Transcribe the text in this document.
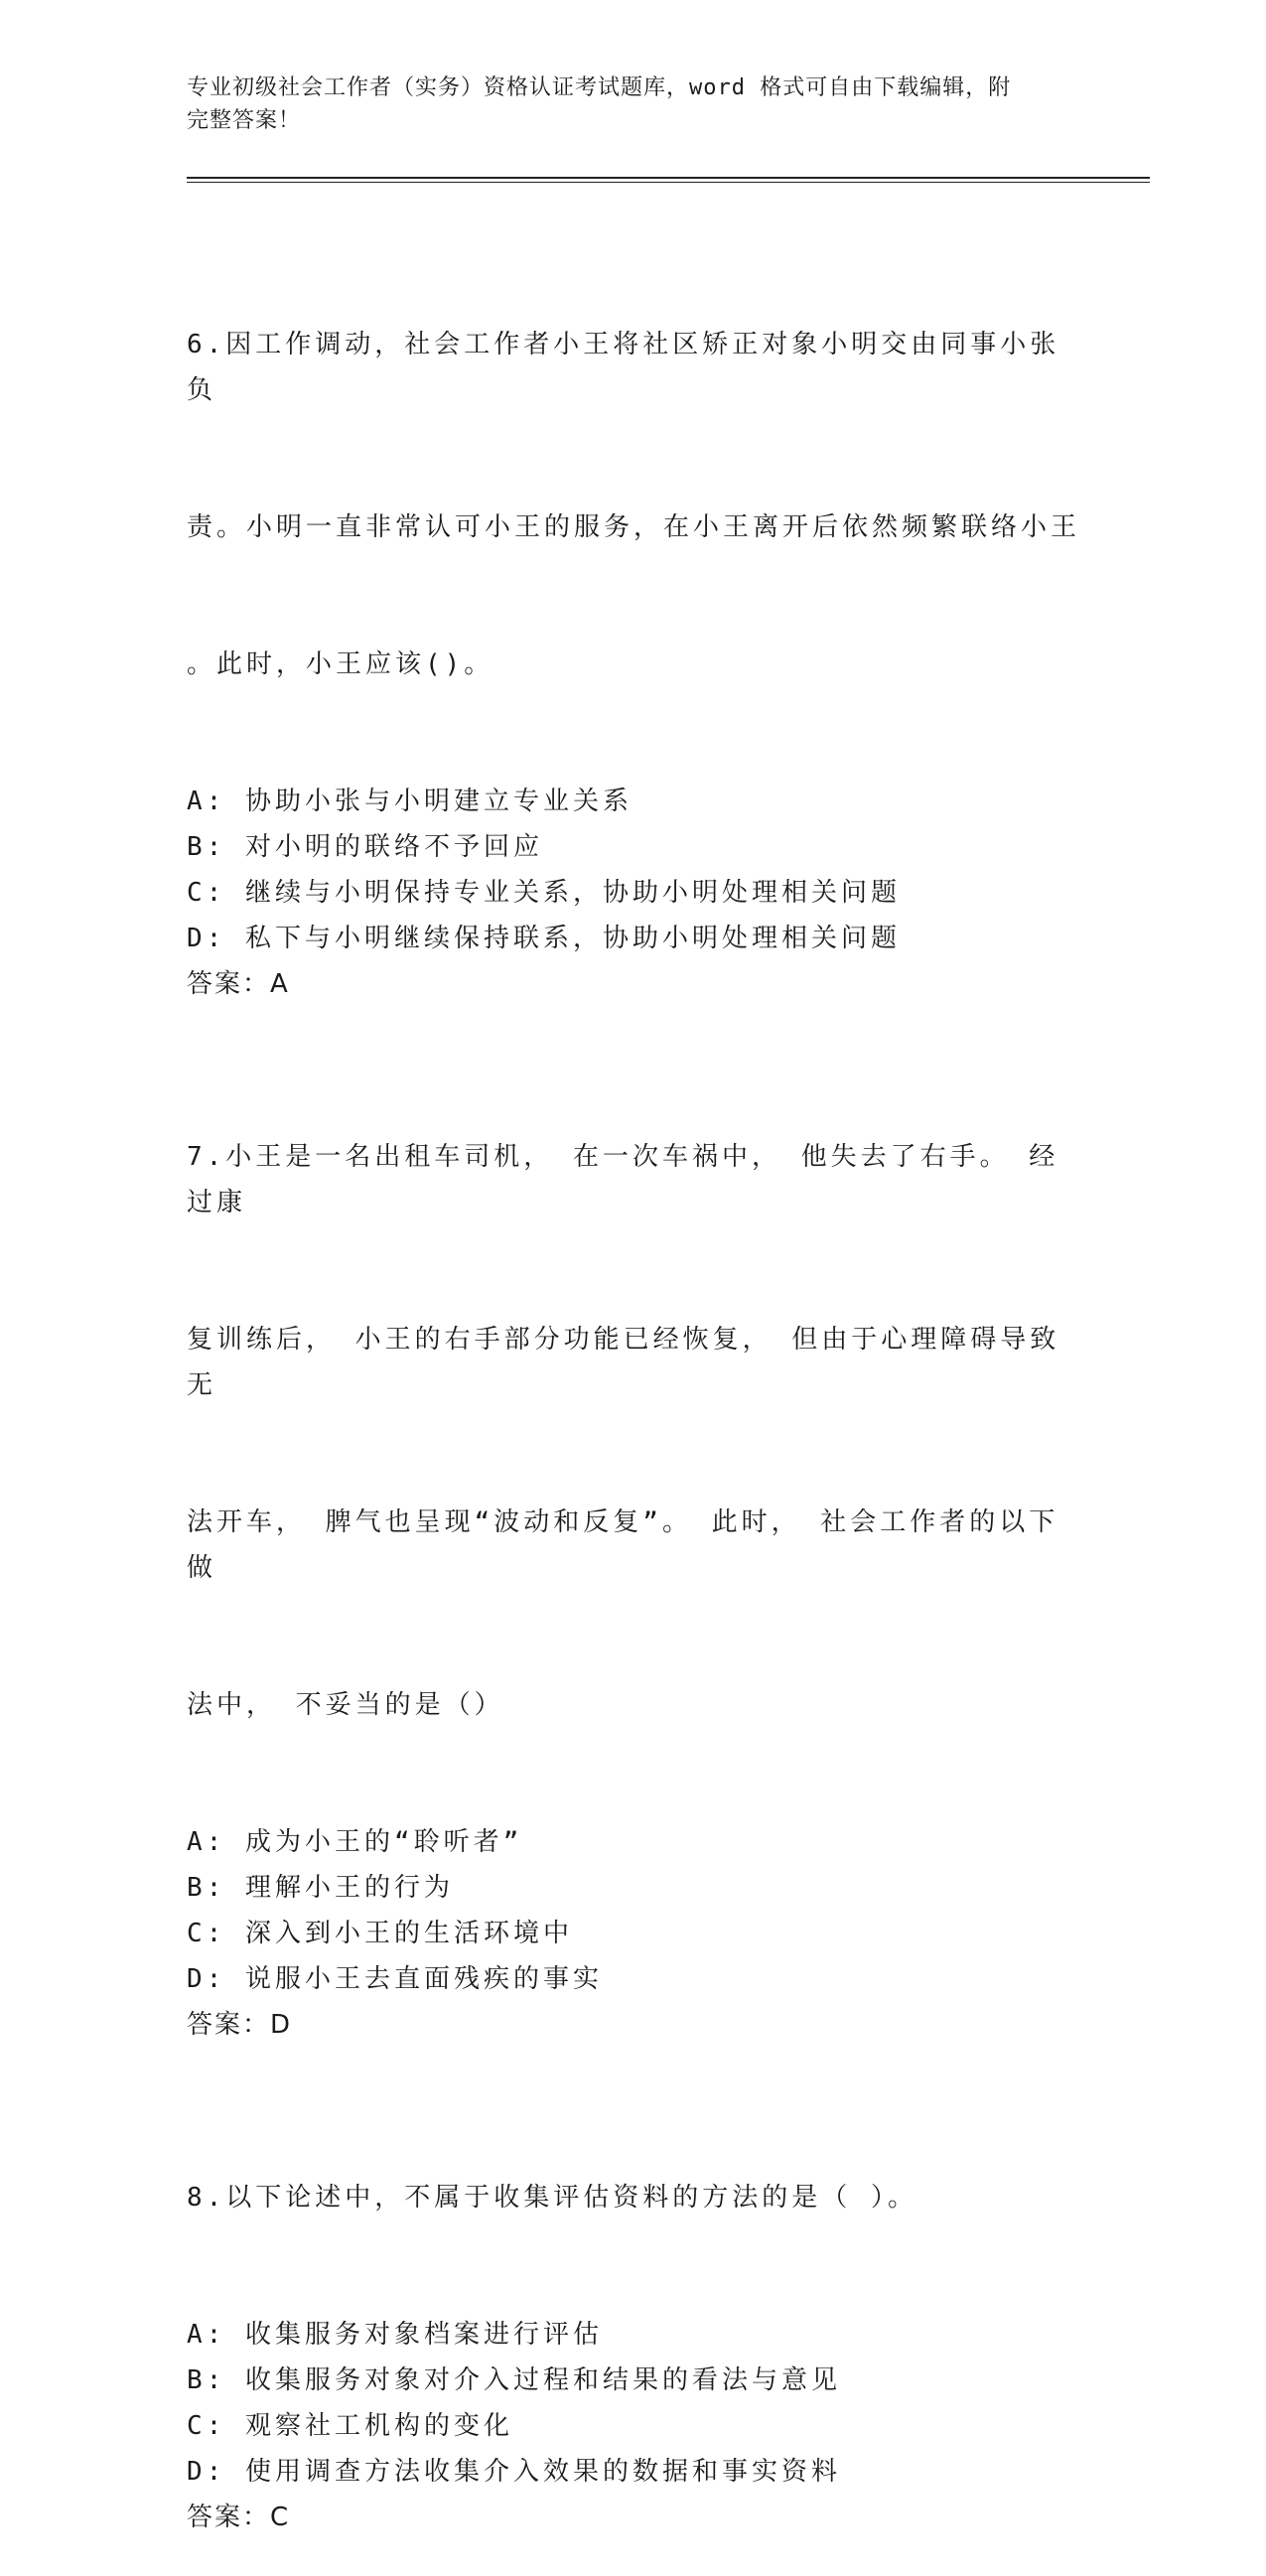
专业初级社会工作者（实务）资格认证考试题库，word 格式可自由下载编辑，附
完整答案！

6.因工作调动，社会工作者小王将社区矫正对象小明交由同事小张负

责。小明一直非常认可小王的服务，在小王离开后依然频繁联络小王

。此时，小王应该()。

A: 协助小张与小明建立专业关系
B: 对小明的联络不予回应
C: 继续与小明保持专业关系，协助小明处理相关问题
D: 私下与小明继续保持联系，协助小明处理相关问题
答案：A

7.小王是一名出租车司机， 在一次车祸中， 他失去了右手。 经过康

复训练后， 小王的右手部分功能已经恢复， 但由于心理障碍导致无

法开车， 脾气也呈现“波动和反复”。 此时， 社会工作者的以下做

法中， 不妥当的是（）

A: 成为小王的“聆听者”
B: 理解小王的行为
C: 深入到小王的生活环境中
D: 说服小王去直面残疾的事实
答案：D

8.以下论述中，不属于收集评估资料的方法的是（ ）。

A: 收集服务对象档案进行评估
B: 收集服务对象对介入过程和结果的看法与意见
C: 观察社工机构的变化
D: 使用调查方法收集介入效果的数据和事实资料
答案：C
